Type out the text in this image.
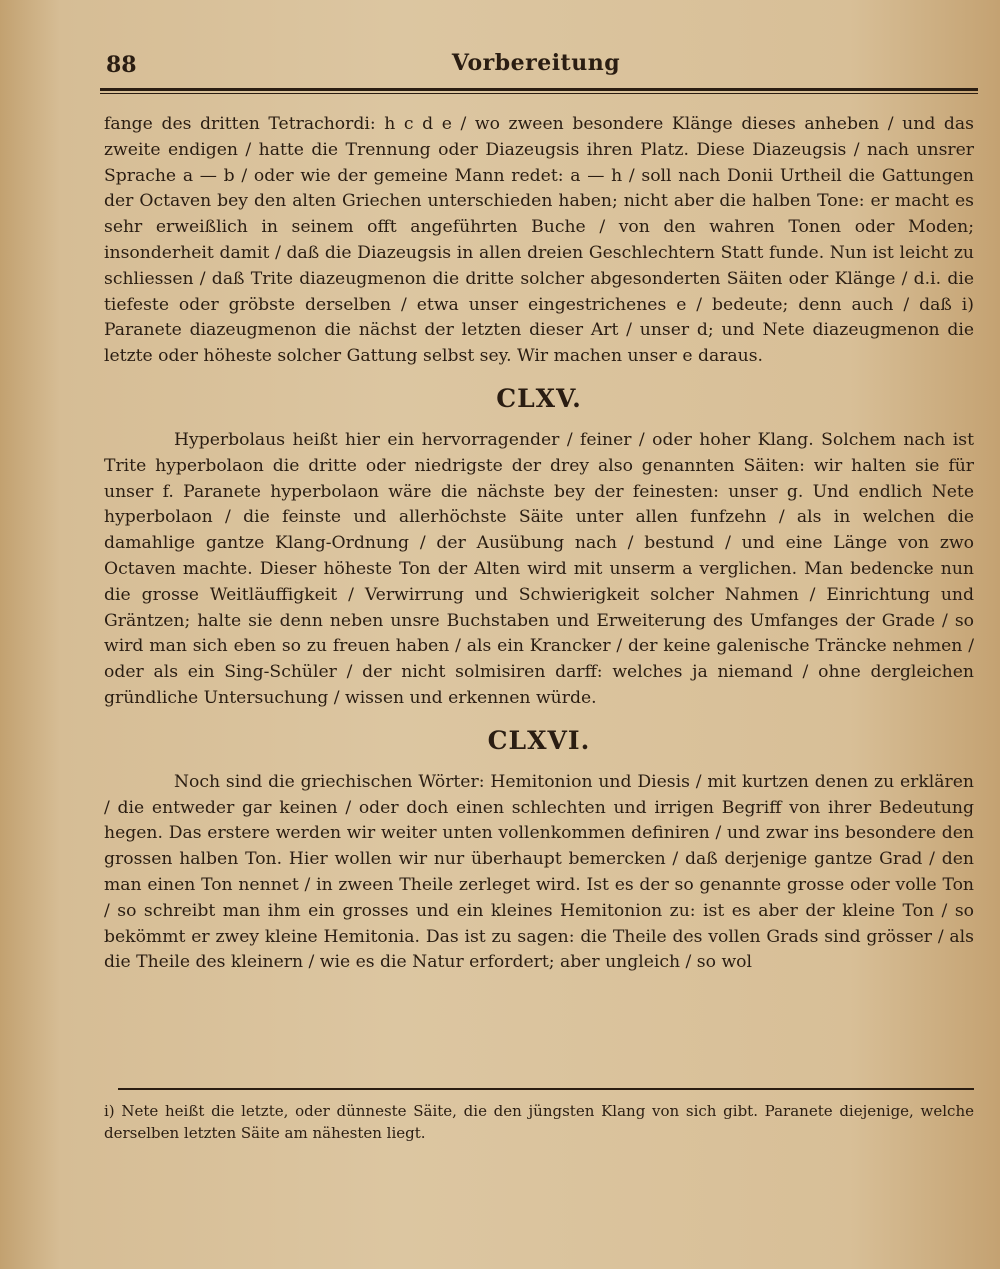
88	Vorbereitung

fange des dritten Tetrachordi: h c d e / wo zween besondere Klänge dieses anheben / und das zweite endigen / hatte die Trennung oder Diazeugsis ihren Platz. Diese Diazeugsis / nach unsrer Sprache a — b / oder wie der gemeine Mann redet: a — h / soll nach Donii Urtheil die Gattungen der Octaven bey den alten Griechen unterschieden haben; nicht aber die halben Tone: er macht es sehr erweißlich in seinem offt angeführten Buche / von den wahren Tonen oder Moden; insonderheit damit / daß die Diazeugsis in allen dreien Geschlechtern Statt funde. Nun ist leicht zu schliessen / daß Trite diazeugmenon die dritte solcher abgesonderten Säiten oder Klänge / d.i. die tiefeste oder gröbste derselben / etwa unser eingestrichenes e / bedeute; denn auch / daß i) Paranete diazeugmenon die nächst der letzten dieser Art / unser d; und Nete diazeugmenon die letzte oder höheste solcher Gattung selbst sey. Wir machen unser e daraus.

CLXV.

Hyperbolaus heißt hier ein hervorragender / feiner / oder hoher Klang. Solchem nach ist Trite hyperbolaon die dritte oder niedrigste der drey also genannten Säiten: wir halten sie für unser f. Paranete hyperbolaon wäre die nächste bey der feinesten: unser g. Und endlich Nete hyperbolaon / die feinste und allerhöchste Säite unter allen funfzehn / als in welchen die damahlige gantze Klang-Ordnung / der Ausübung nach / bestund / und eine Länge von zwo Octaven machte. Dieser höheste Ton der Alten wird mit unserm a verglichen. Man bedencke nun die grosse Weitläuffigkeit / Verwirrung und Schwierigkeit solcher Nahmen / Einrichtung und Gräntzen; halte sie denn neben unsre Buchstaben und Erweiterung des Umfanges der Grade / so wird man sich eben so zu freuen haben / als ein Krancker / der keine galenische Träncke nehmen / oder als ein Sing-Schüler / der nicht solmisiren darff: welches ja niemand / ohne dergleichen gründliche Untersuchung / wissen und erkennen würde.

CLXVI.

Noch sind die griechischen Wörter: Hemitonion und Diesis / mit kurtzen denen zu erklären / die entweder gar keinen / oder doch einen schlechten und irrigen Begriff von ihrer Bedeutung hegen. Das erstere werden wir weiter unten vollenkommen definiren / und zwar ins besondere den grossen halben Ton. Hier wollen wir nur überhaupt bemercken / daß derjenige gantze Grad / den man einen Ton nennet / in zween Theile zerleget wird. Ist es der so genannte grosse oder volle Ton / so schreibt man ihm ein grosses und ein kleines Hemitonion zu: ist es aber der kleine Ton / so bekömmt er zwey kleine Hemitonia. Das ist zu sagen: die Theile des vollen Grads sind grösser / als die Theile des kleinern / wie es die Natur erfordert; aber ungleich / so wol

i) Nete heißt die letzte, oder dünneste Säite, die den jüngsten Klang von sich gibt. Paranete diejenige, welche derselben letzten Säite am nähesten liegt.
